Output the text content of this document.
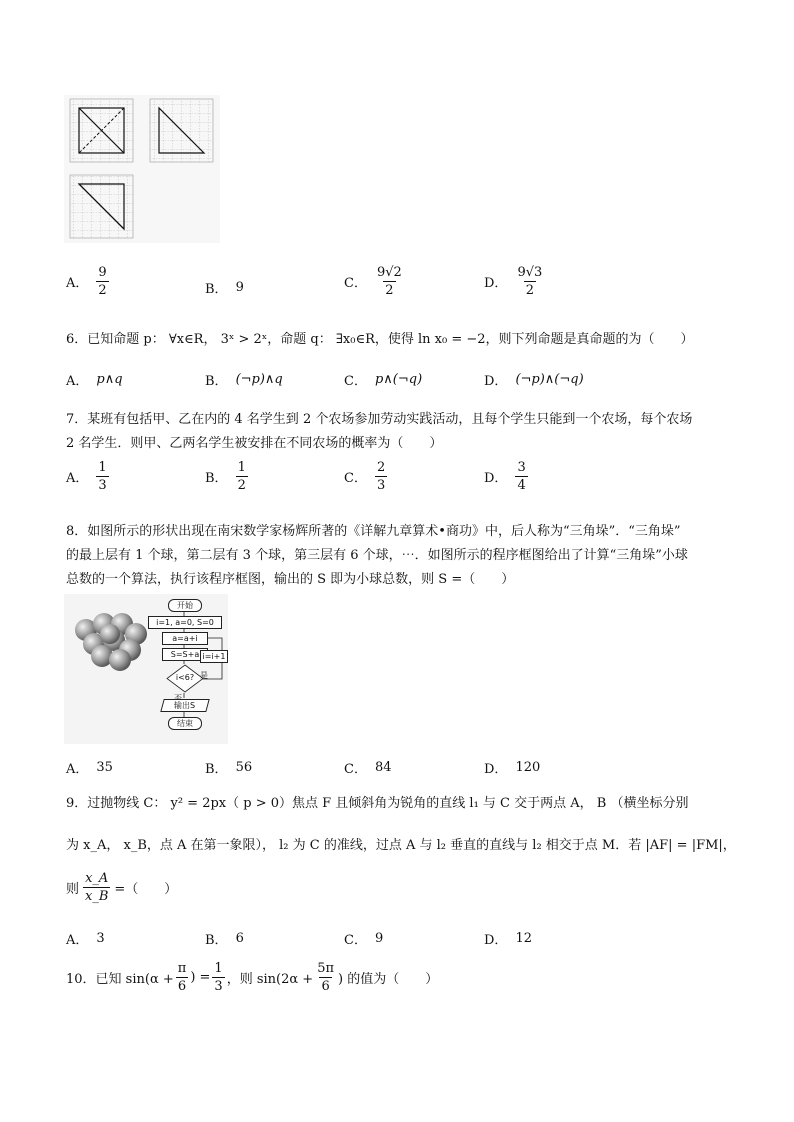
A． $\frac{9}{2}$	B． 9	C． $\frac{9√2}{2}$	D． $\frac{9√3}{2}$
6．已知命题 p： ∀x∈R， 3ˣ > 2ˣ，命题 q： ∃x₀∈R，使得 ln x₀ = −2，则下列命题是真命题的为（　　）
A． p∧q	B． (¬p)∧q	C． p∧(¬q)	D． (¬p)∧(¬q)
7．某班有包括甲、乙在内的 4 名学生到 2 个农场参加劳动实践活动，且每个学生只能到一个农场，每个农场
2 名学生．则甲、乙两名学生被安排在不同农场的概率为（　　）
A． $\frac{1}{3}$	B． $\frac{1}{2}$	C． $\frac{2}{3}$	D． $\frac{3}{4}$
8．如图所示的形状出现在南宋数学家杨辉所著的《详解九章算术•商功》中，后人称为“三角垛”．“三角垛”
的最上层有 1 个球，第二层有 3 个球，第三层有 6 个球，⋯．如图所示的程序框图给出了计算“三角垛”小球
总数的一个算法，执行该程序框图，输出的 S 即为小球总数，则 S =（　　）
开始
i=1, a=0, S=0
a=a+i
S=S+a i=i+1
i<6? 是
输出S
结束
A． 35	B． 56	C． 84	D． 120
9．过抛物线 C： y² = 2px（ p > 0）焦点 F 且倾斜角为锐角的直线 l₁ 与 C 交于两点 A， B （横坐标分别
为 x_A， x_B，点 A 在第一象限）， l₂ 为 C 的准线，过点 A 与 l₂ 垂直的直线与 l₂ 相交于点 M．若 |AF| = |FM|，
则 $\frac{x\_A}{x\_B}$ =（　　）
A． 3	B． 6	C． 9	D． 12
10．已知 $\sin(\alpha + \frac{\pi}{6}$ ) = $\frac{1}{3}$ ，则 $\sin(2\alpha + \frac{5\pi}{6}$ ) 的值为（　　）
